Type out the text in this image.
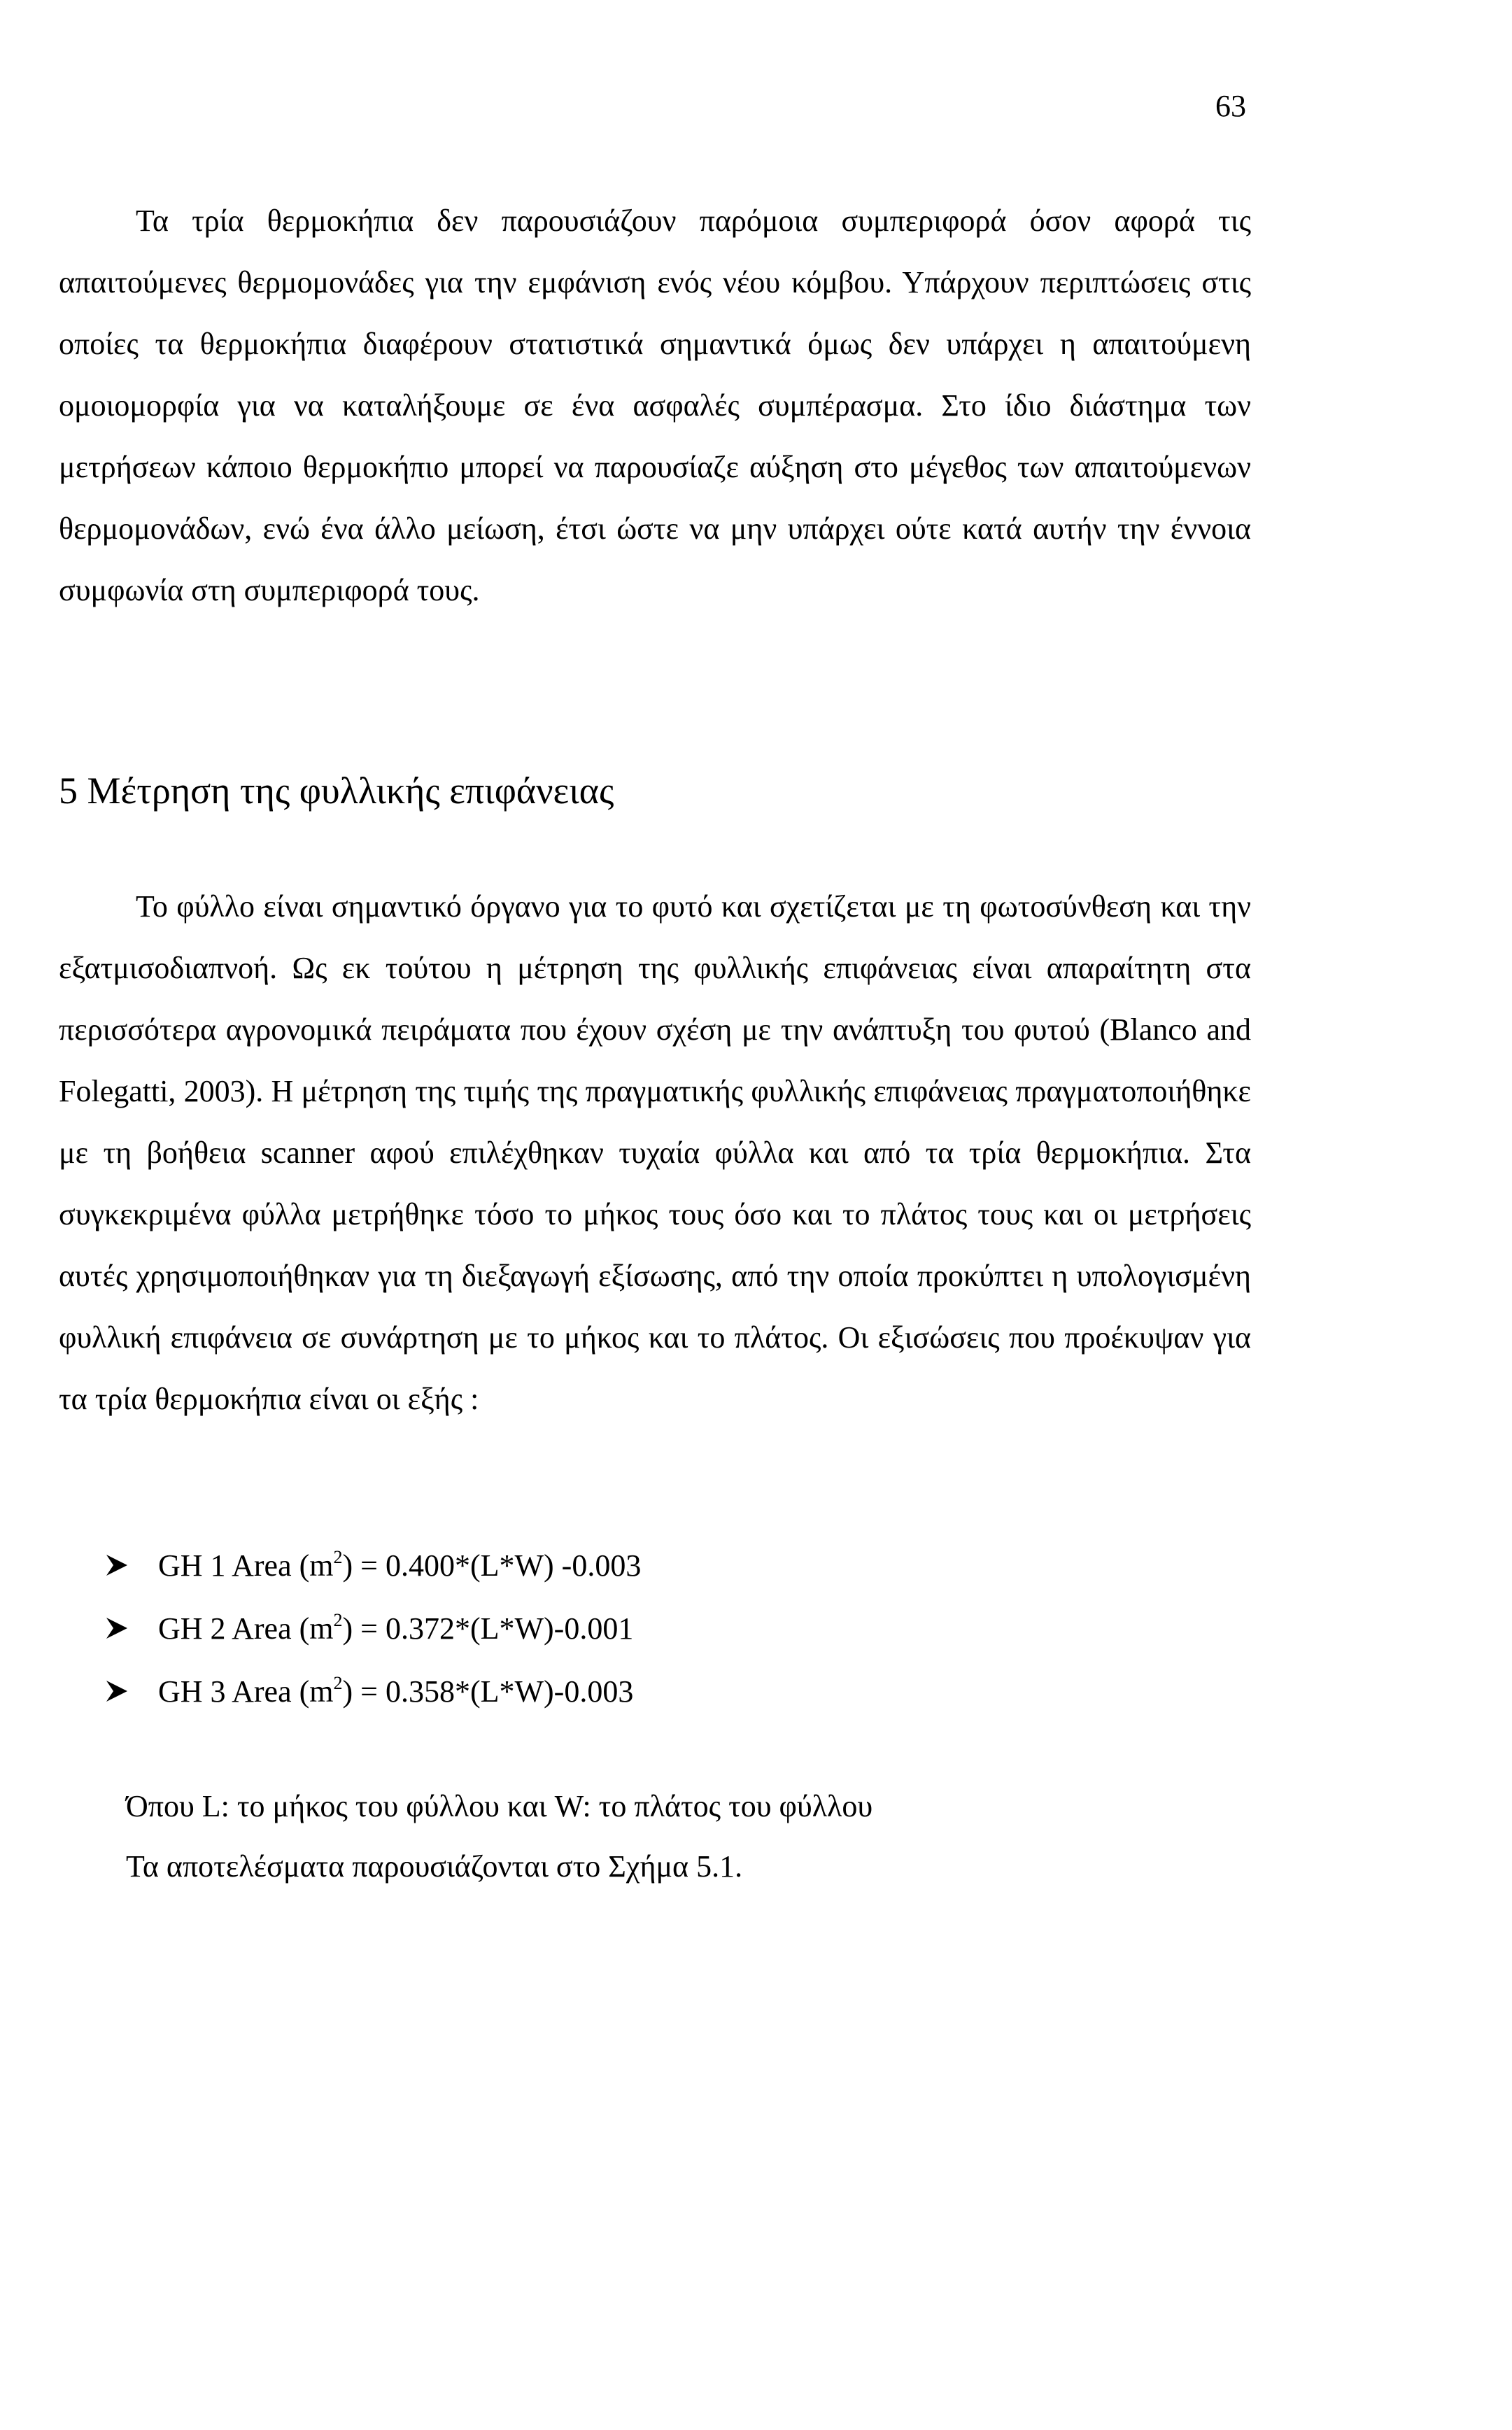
63

Τα τρία θερμοκήπια δεν παρουσιάζουν παρόμοια συμπεριφορά όσον αφορά τις απαιτούμενες θερμομονάδες για την εμφάνιση ενός νέου κόμβου. Υπάρχουν περιπτώσεις στις οποίες τα θερμοκήπια διαφέρουν στατιστικά σημαντικά όμως δεν υπάρχει η απαιτούμενη ομοιομορφία για να καταλήξουμε σε ένα ασφαλές συμπέρασμα. Στο ίδιο διάστημα των μετρήσεων κάποιο θερμοκήπιο μπορεί να παρουσίαζε αύξηση στο μέγεθος των απαιτούμενων θερμομονάδων, ενώ ένα άλλο μείωση, έτσι ώστε να μην υπάρχει ούτε κατά αυτήν την έννοια συμφωνία στη συμπεριφορά τους.

5 Μέτρηση της φυλλικής επιφάνειας

Το φύλλο είναι σημαντικό όργανο για το φυτό και σχετίζεται με τη φωτοσύνθεση και την εξατμισοδιαπνοή. Ως εκ τούτου η μέτρηση της φυλλικής επιφάνειας είναι απαραίτητη στα περισσότερα αγρονομικά πειράματα που έχουν σχέση με την ανάπτυξη του φυτού (Blanco and Folegatti, 2003). Η μέτρηση της τιμής της πραγματικής φυλλικής επιφάνειας πραγματοποιήθηκε με τη βοήθεια scanner αφού επιλέχθηκαν τυχαία φύλλα και από τα τρία θερμοκήπια. Στα συγκεκριμένα φύλλα μετρήθηκε τόσο το μήκος τους όσο και το πλάτος τους και οι μετρήσεις αυτές χρησιμοποιήθηκαν για τη διεξαγωγή εξίσωσης, από την οποία προκύπτει η υπολογισμένη φυλλική επιφάνεια σε συνάρτηση με το μήκος και το πλάτος. Οι εξισώσεις που προέκυψαν για τα τρία θερμοκήπια είναι οι εξής :

GH 1 Area $(m^2) = 0.400*(L*W)$ -0.003
GH 2 Area $(m^2) = 0.372*(L*W)-0.001$
GH 3 Area $(m^2) = 0.358*(L*W)-0.003$

Όπου L: το μήκος του φύλλου και W: το πλάτος του φύλλου

Τα αποτελέσματα παρουσιάζονται στο Σχήμα 5.1.
